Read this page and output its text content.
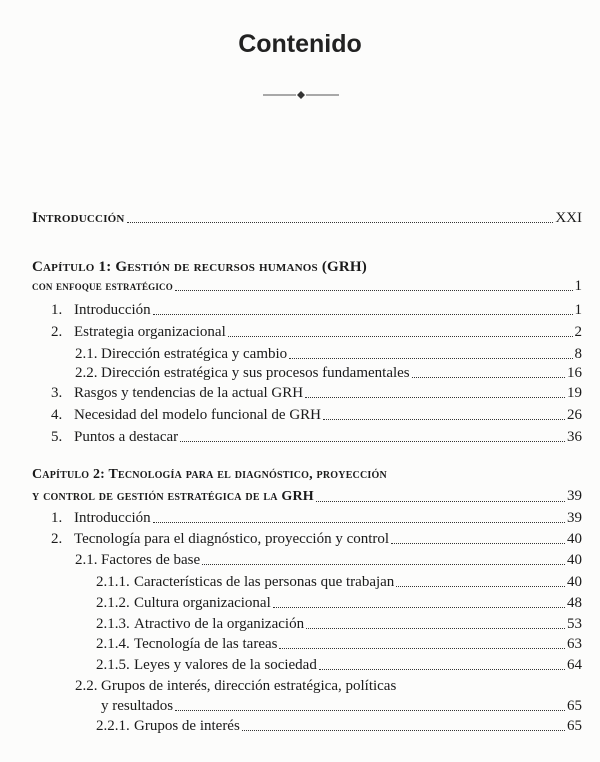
Contenido
Introducción	XXI
Capítulo 1: Gestión de recursos humanos (GRH)
con enfoque estratégico	1
1. Introducción	1
2. Estrategia organizacional	2
2.1. Dirección estratégica y cambio	8
2.2. Dirección estratégica y sus procesos fundamentales	16
3. Rasgos y tendencias de la actual GRH	19
4. Necesidad del modelo funcional de GRH	26
5. Puntos a destacar	36
Capítulo 2: Tecnología para el diagnóstico, proyección
y control de gestión estratégica de la GRH	39
1. Introducción	39
2. Tecnología para el diagnóstico, proyección y control	40
2.1. Factores de base	40
2.1.1. Características de las personas que trabajan	40
2.1.2. Cultura organizacional	48
2.1.3. Atractivo de la organización	53
2.1.4. Tecnología de las tareas	63
2.1.5. Leyes y valores de la sociedad	64
2.2. Grupos de interés, dirección estratégica, políticas
y resultados	65
2.2.1. Grupos de interés	65
